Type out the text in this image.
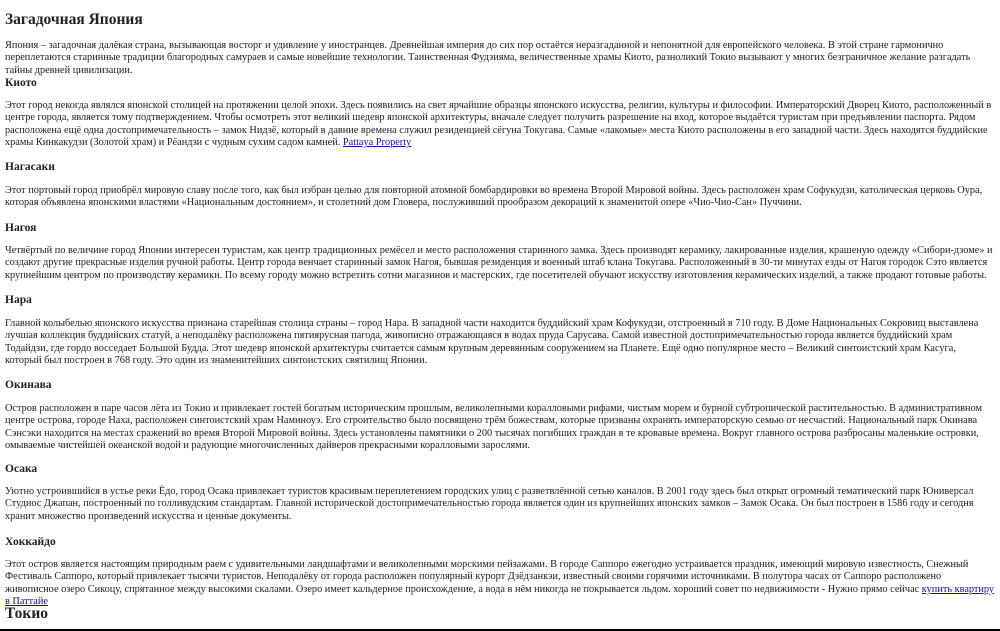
Загадочная Япония

Япония – загадочная далёкая страна, вызывающая восторг и удивление у иностранцев. Древнейшая империя до сих пор остаётся неразгаданной и непонятной для европейского человека. В этой стране гармонично переплетаются старинные традиции благородных самураев и самые новейшие технологии. Таинственная Фудзияма, величественные храмы Киото, разноликий Токио вызывают у многих безграничное желание разгадать тайны древней цивилизации.

Киото

Этот город некогда являлся японской столицей на протяжении целой эпохи. Здесь появились на свет ярчайшие образцы японского искусства, религии, культуры и философии. Императорский Дворец Киото, расположенный в центре города, является тому подтверждением. Чтобы осмотреть этот великий шедевр японской архитектуры, вначале следует получить разрешение на вход, которое выдаётся туристам при предъявлении паспорта. Рядом расположена ещё одна достопримечательность – замок Нидзё, который в давние времена служил резиденцией сёгуна Токугава. Самые «лакомые» места Киото расположены в его западной части. Здесь находятся буддийские храмы Кинкакудзи (Золотой храм) и Рёандзи с чудным сухим садом камней. Pattaya Property

Нагасаки

Этот портовый город приобрёл мировую славу после того, как был избран целью для повторной атомной бомбардировки во времена Второй Мировой войны. Здесь расположен храм Софукудзи, католическая церковь Оура, которая объявлена японскими властями «Национальным достоянием», и столетний дом Гловера, послуживший прообразом декораций к знаменитой опере «Чио-Чио-Сан» Пуччини.

Нагоя

Четвёртый по величине город Японии интересен туристам, как центр традиционных ремёсел и место расположения старинного замка. Здесь производят керамику, лакированные изделия, крашеную одежду «Сибори-дзоме» и создают другие прекрасные изделия ручной работы. Центр города венчает старинный замок Нагоя, бывшая резиденция и военный штаб клана Токугава. Расположенный в 30-ти минутах езды от Нагоя городок Сэто является крупнейшим центром по производству керамики. По всему городу можно встретить сотни магазинов и мастерских, где посетителей обучают искусству изготовления керамических изделий, а также продают готовые работы.

Нара

Главной колыбелью японского искусства признана старейшая столица страны – город Нара. В западной части находится буддийский храм Кофукудзи, отстроенный в 710 году. В Доме Национальных Сокровищ выставлена лучшая коллекция буддийских статуй, а неподалёку расположена пятиярусная пагода, живописно отражающаяся в водах пруда Сарусава. Самой известной достопримечательностью города является буддийский храм Тодайдзи, где гордо восседает Большой Будда. Этот шедевр японской архитектуры считается самым крупным деревянным сооружением на Планете. Ещё одно популярное место – Великий синтоистский храм Касуга, который был построен в 768 году. Это один из знаменитейших синтоистских святилищ Японии.

Окинава

Остров расположен в паре часов лёта из Токио и привлекает гостей богатым историческим прошлым, великолепными коралловыми рифами, чистым морем и бурной субтропической растительностью. В административном центре острова, городе Наха, расположен синтоистский храм Наминоуэ. Его строительство было посвящено трём божествам, которые призваны охранять императорскую семью от несчастий. Национальный парк Окинава Сэнсэки находится на местах сражений во время Второй Мировой войны. Здесь установлены памятники о 200 тысячах погибших граждан в те кровавые времена. Вокруг главного острова разбросаны маленькие островки, омываемые чистейшей океанской водой и радующие многочисленных дайверов прекрасными коралловыми зарослями.

Осака

Уютно устроившийся в устье реки Ёдо, город Осака привлекает туристов красивым переплетением городских улиц с разветвлённой сетью каналов. В 2001 году здесь был открыт огромный тематический парк Юниверсал Студиос Джапан, построенный по голливудским стандартам. Главной исторической достопримечательностью города является один из крупнейших японских замков – Замок Осака. Он был построен в 1586 году и сегодня хранит множество произведений искусства и ценные документы.

Хоккайдо

Этот остров является настоящим природным раем с удивительными ландшафтами и великолепными морскими пейзажами. В городе Саппоро ежегодно устраивается праздник, имеющий мировую известность, Снежный Фестиваль Саппоро, который привлекает тысячи туристов. Неподалёку от города расположен популярный курорт Дзёдзанкэи, известный своими горячими источниками. В полутора часах от Саппоро расположено живописное озеро Сикоцу, спрятанное между высокими скалами. Озеро имеет кальдерное происхождение, а вода в нём никогда не покрывается льдом. хороший совет по недвижимости - Нужно прямо сейчас купить квартиру в Паттайе

Токио
